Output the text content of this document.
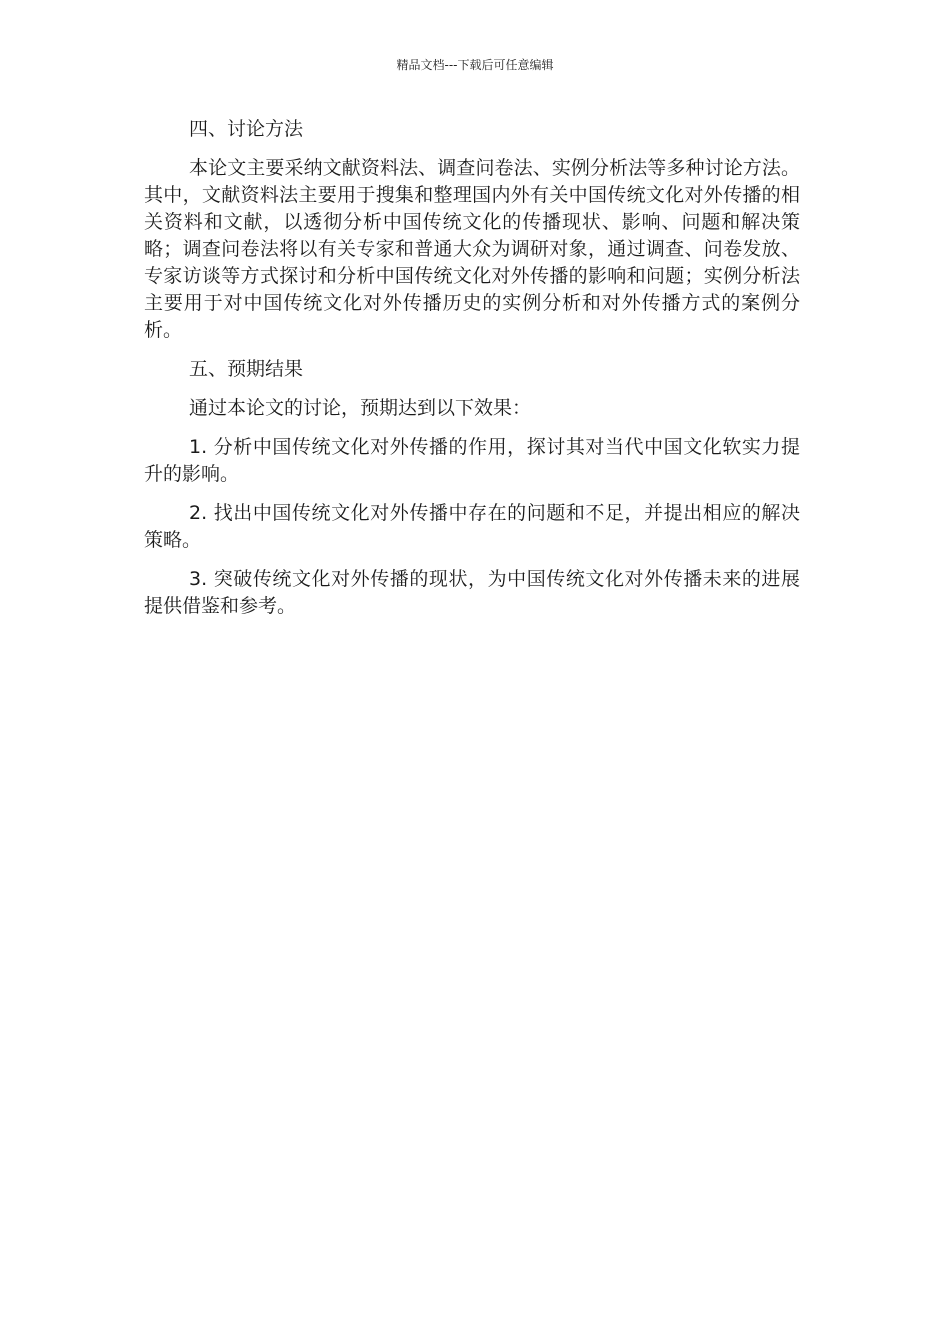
精品文档---下载后可任意编辑

四、讨论方法

本论文主要采纳文献资料法、调查问卷法、实例分析法等多种讨论方法。其中，文献资料法主要用于搜集和整理国内外有关中国传统文化对外传播的相关资料和文献，以透彻分析中国传统文化的传播现状、影响、问题和解决策略；调查问卷法将以有关专家和普通大众为调研对象，通过调查、问卷发放、专家访谈等方式探讨和分析中国传统文化对外传播的影响和问题；实例分析法主要用于对中国传统文化对外传播历史的实例分析和对外传播方式的案例分析。

五、预期结果

通过本论文的讨论，预期达到以下效果：

1. 分析中国传统文化对外传播的作用，探讨其对当代中国文化软实力提升的影响。

2. 找出中国传统文化对外传播中存在的问题和不足，并提出相应的解决策略。

3. 突破传统文化对外传播的现状，为中国传统文化对外传播未来的进展提供借鉴和参考。
